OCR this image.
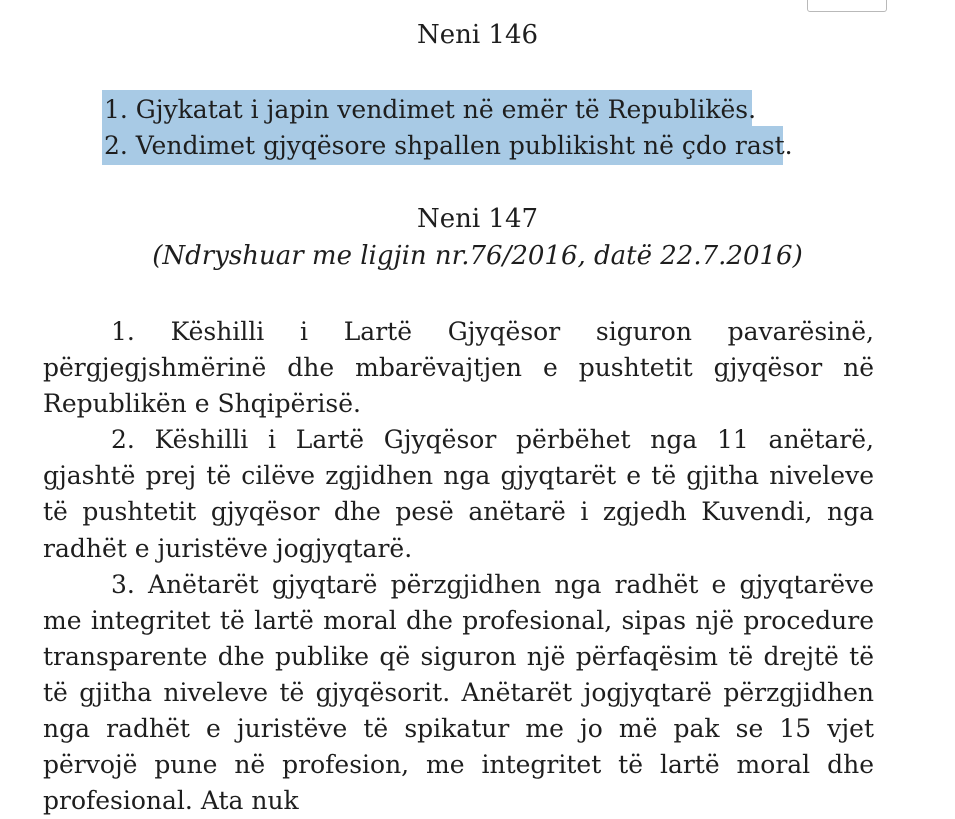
Neni 146
1. Gjykatat i japin vendimet në emër të Republikës.
2. Vendimet gjyqësore shpallen publikisht në çdo rast.
Neni 147

(Ndryshuar me ligjin nr.76/2016, datë 22.7.2016)

1. Këshilli i Lartë Gjyqësor siguron pavarësinë, përgjegjshmërinë dhe mbarëvajtjen e pushtetit gjyqësor në Republikën e Shqipërisë.

2. Këshilli i Lartë Gjyqësor përbëhet nga 11 anëtarë, gjashtë prej të cilëve zgjidhen nga gjyqtarët e të gjitha niveleve të pushtetit gjyqësor dhe pesë anëtarë i zgjedh Kuvendi, nga radhët e juristëve jogjyqtarë.

3. Anëtarët gjyqtarë përzgjidhen nga radhët e gjyqtarëve me integritet të lartë moral dhe profesional, sipas një procedure transparente dhe publike që siguron një përfaqësim të drejtë të të gjitha niveleve të gjyqësorit. Anëtarët jogjyqtarë përzgjidhen nga radhët e juristëve të spikatur me jo më pak se 15 vjet përvojë pune në profesion, me integritet të lartë moral dhe profesional. Ata nuk
